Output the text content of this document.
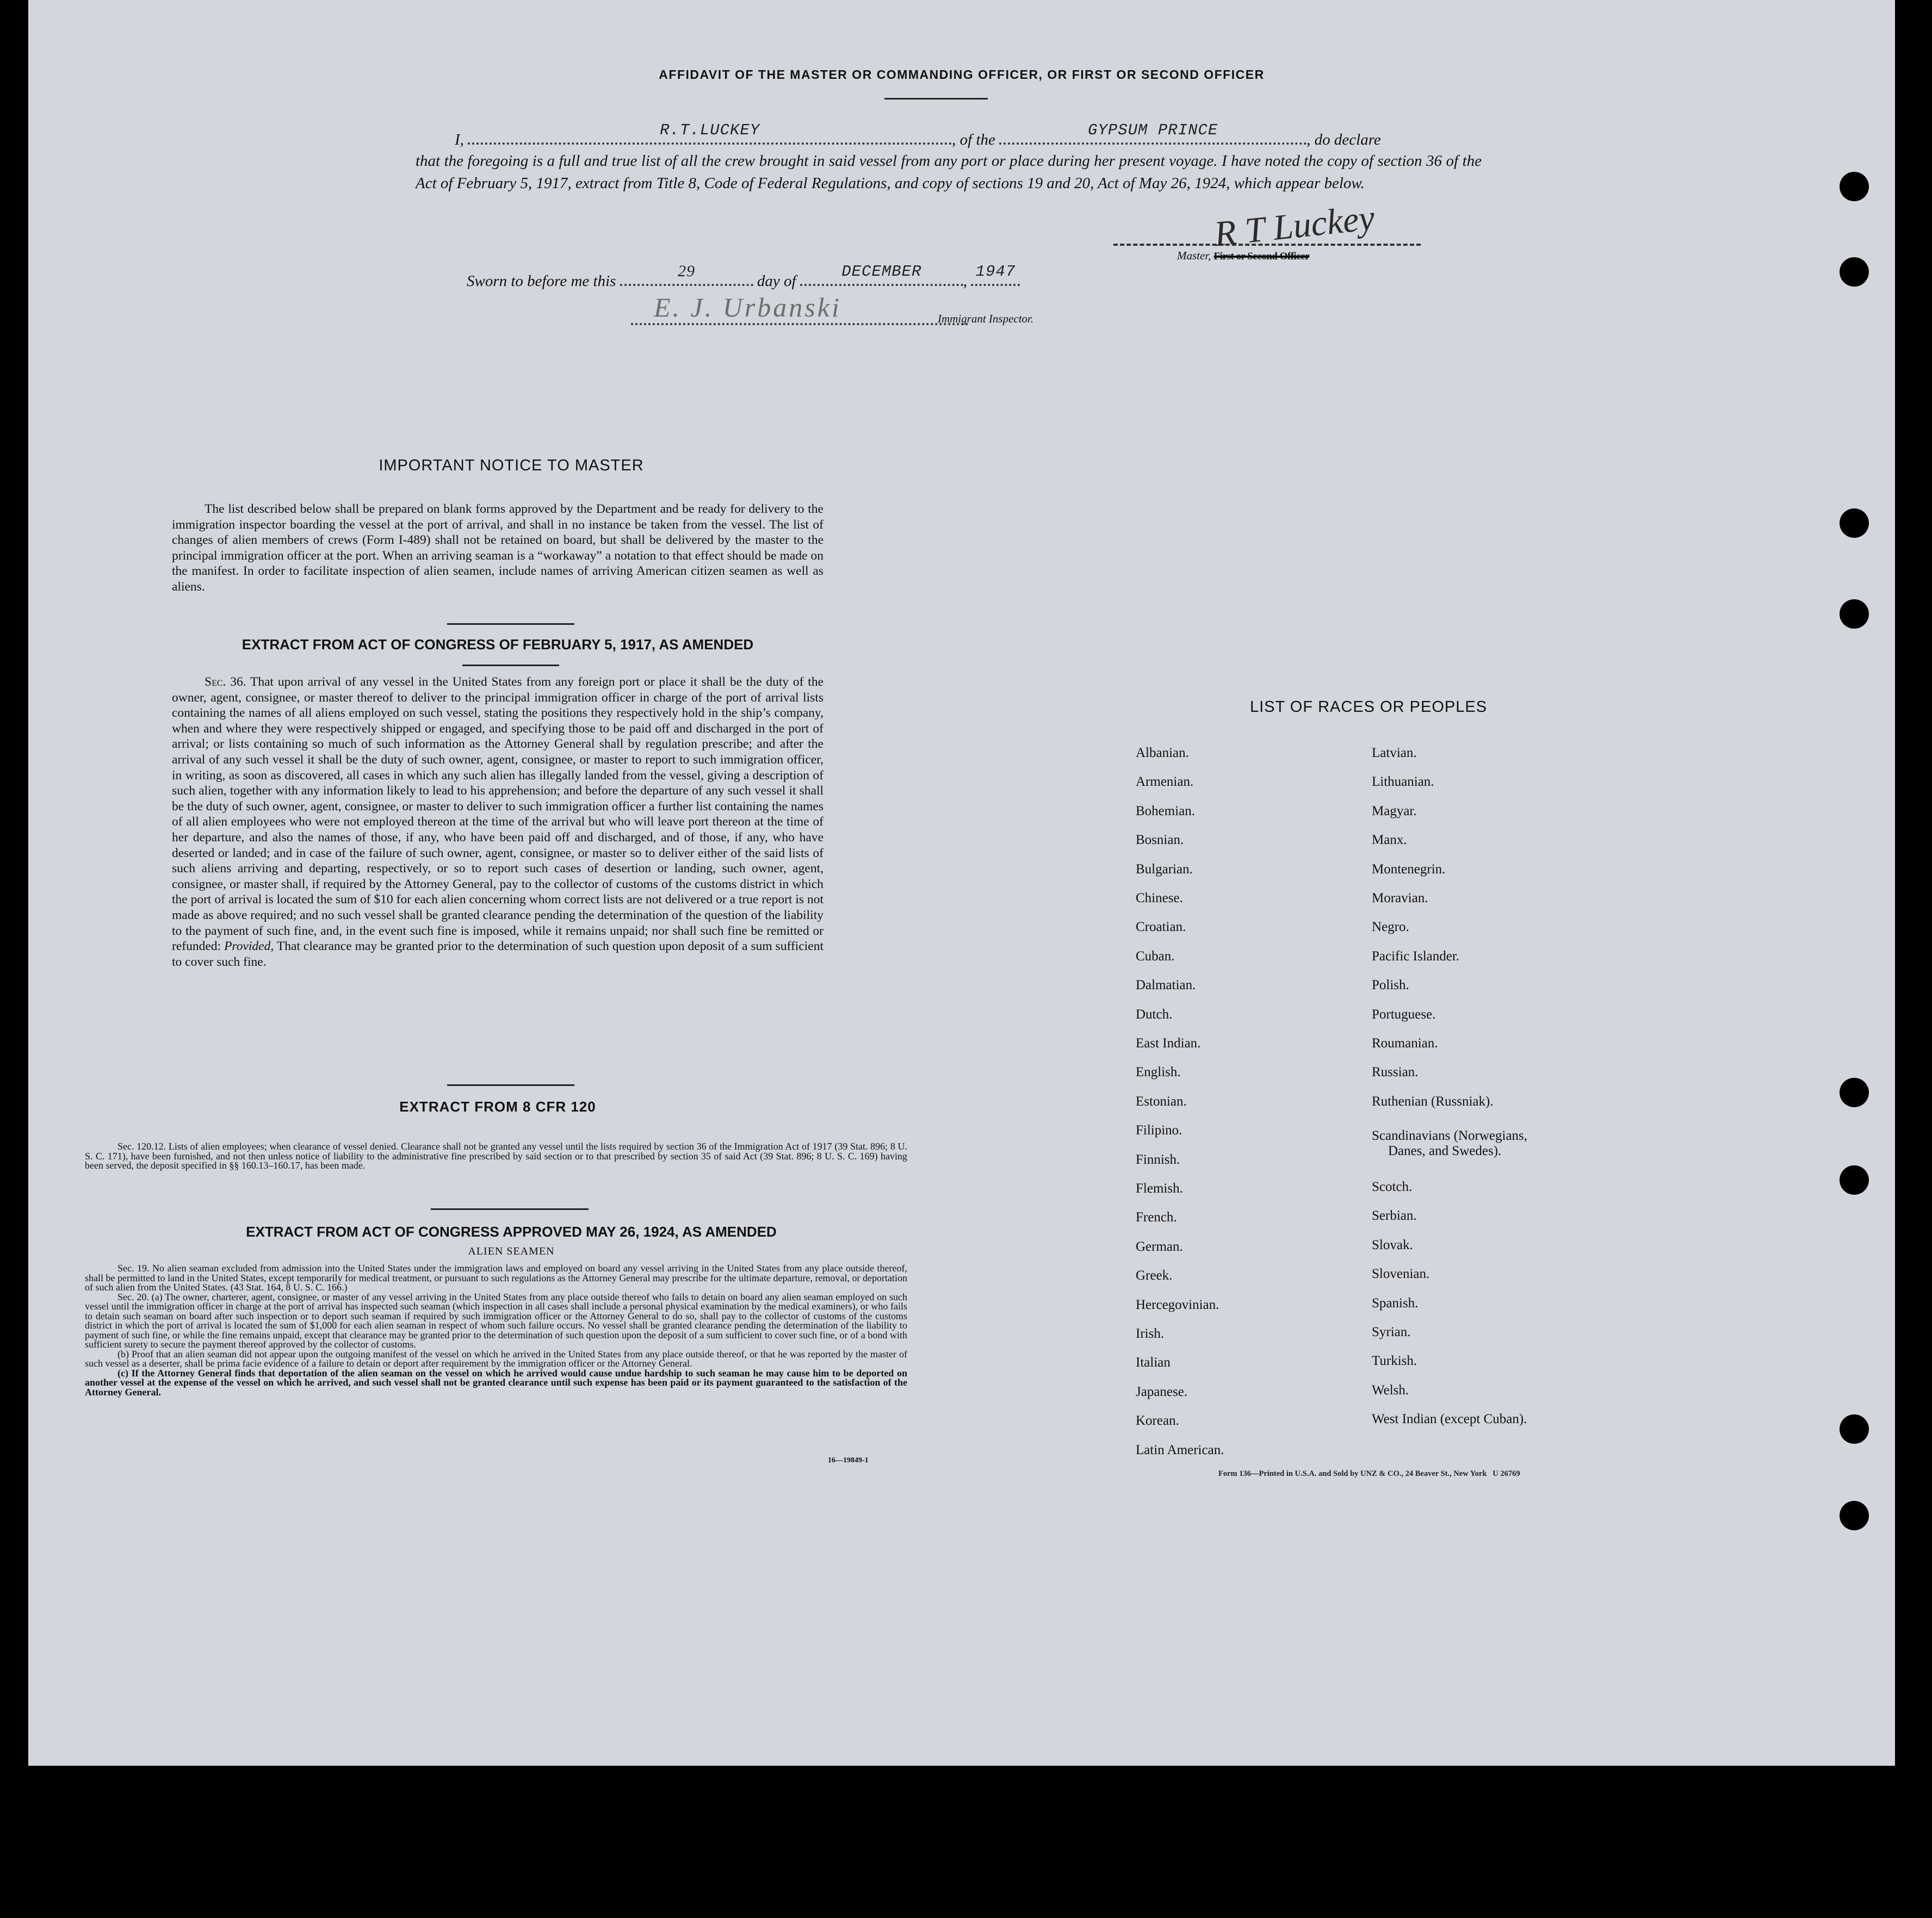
AFFIDAVIT OF THE MASTER OR COMMANDING OFFICER, OR FIRST OR SECOND OFFICER
I,
R.T.LUCKEY
, of the
GYPSUM PRINCE
, do declare
that the foregoing is a full and true list of all the crew brought in said vessel from any port or place during her present voyage. I have noted the copy of section 36 of the Act of February 5, 1917, extract from Title 8, Code of Federal Regulations, and copy of sections 19 and 20, Act of May 26, 1924, which appear below.
R T Luckey
Master, First or Second Officer
Sworn to before me this
29
day of
DECEMBER
,
1947
E. J. Urbanski	Immigrant Inspector.
IMPORTANT NOTICE TO MASTER
The list described below shall be prepared on blank forms approved by the Department and be ready for delivery to the immigration inspector boarding the vessel at the port of arrival, and shall in no instance be taken from the vessel. The list of changes of alien members of crews (Form I-489) shall not be retained on board, but shall be delivered by the master to the principal immigration officer at the port. When an arriving seaman is a “workaway” a notation to that effect should be made on the manifest. In order to facilitate inspection of alien seamen, include names of arriving American citizen seamen as well as aliens.
EXTRACT FROM ACT OF CONGRESS OF FEBRUARY 5, 1917, AS AMENDED
Sec. 36. That upon arrival of any vessel in the United States from any foreign port or place it shall be the duty of the owner, agent, consignee, or master thereof to deliver to the principal immigration officer in charge of the port of arrival lists containing the names of all aliens employed on such vessel, stating the positions they respectively hold in the ship’s company, when and where they were respectively shipped or engaged, and specifying those to be paid off and discharged in the port of arrival; or lists containing so much of such information as the Attorney General shall by regulation prescribe; and after the arrival of any such vessel it shall be the duty of such owner, agent, consignee, or master to report to such immigration officer, in writing, as soon as discovered, all cases in which any such alien has illegally landed from the vessel, giving a description of such alien, together with any information likely to lead to his apprehension; and before the departure of any such vessel it shall be the duty of such owner, agent, consignee, or master to deliver to such immigration officer a further list containing the names of all alien employees who were not employed thereon at the time of the arrival but who will leave port thereon at the time of her departure, and also the names of those, if any, who have been paid off and discharged, and of those, if any, who have deserted or landed; and in case of the failure of such owner, agent, consignee, or master so to deliver either of the said lists of such aliens arriving and departing, respectively, or so to report such cases of desertion or landing, such owner, agent, consignee, or master shall, if required by the Attorney General, pay to the collector of customs of the customs district in which the port of arrival is located the sum of $10 for each alien concerning whom correct lists are not delivered or a true report is not made as above required; and no such vessel shall be granted clearance pending the determination of the question of the liability to the payment of such fine, and, in the event such fine is imposed, while it remains unpaid; nor shall such fine be remitted or refunded: Provided, That clearance may be granted prior to the determination of such question upon deposit of a sum sufficient to cover such fine.
EXTRACT FROM 8 CFR 120
Sec. 120.12. Lists of alien employees; when clearance of vessel denied. Clearance shall not be granted any vessel until the lists required by section 36 of the Immigration Act of 1917 (39 Stat. 896; 8 U. S. C. 171), have been furnished, and not then unless notice of liability to the administrative fine prescribed by said section or to that prescribed by section 35 of said Act (39 Stat. 896; 8 U. S. C. 169) having been served, the deposit specified in §§ 160.13–160.17, has been made.
EXTRACT FROM ACT OF CONGRESS APPROVED MAY 26, 1924, AS AMENDED
ALIEN SEAMEN
Sec. 19. No alien seaman excluded from admission into the United States under the immigration laws and employed on board any vessel arriving in the United States from any place outside thereof, shall be permitted to land in the United States, except temporarily for medical treatment, or pursuant to such regulations as the Attorney General may prescribe for the ultimate departure, removal, or deportation of such alien from the United States. (43 Stat. 164, 8 U. S. C. 166.)
Sec. 20. (a) The owner, charterer, agent, consignee, or master of any vessel arriving in the United States from any place outside thereof who fails to detain on board any alien seaman employed on such vessel until the immigration officer in charge at the port of arrival has inspected such seaman (which inspection in all cases shall include a personal physical examination by the medical examiners), or who fails to detain such seaman on board after such inspection or to deport such seaman if required by such immigration officer or the Attorney General to do so, shall pay to the collector of customs of the customs district in which the port of arrival is located the sum of $1,000 for each alien seaman in respect of whom such failure occurs. No vessel shall be granted clearance pending the determination of the liability to payment of such fine, or while the fine remains unpaid, except that clearance may be granted prior to the determination of such question upon the deposit of a sum sufficient to cover such fine, or of a bond with sufficient surety to secure the payment thereof approved by the collector of customs.
(b) Proof that an alien seaman did not appear upon the outgoing manifest of the vessel on which he arrived in the United States from any place outside thereof, or that he was reported by the master of such vessel as a deserter, shall be prima facie evidence of a failure to detain or deport after requirement by the immigration officer or the Attorney General.
(c) If the Attorney General finds that deportation of the alien seaman on the vessel on which he arrived would cause undue hardship to such seaman he may cause him to be deported on another vessel at the expense of the vessel on which he arrived, and such vessel shall not be granted clearance until such expense has been paid or its payment guaranteed to the satisfaction of the Attorney General.
16—19849-1
LIST OF RACES OR PEOPLES
Form 136—Printed in U.S.A. and Sold by UNZ & CO., 24 Beaver St., New York   U 26769
Albanian.
Armenian.
Bohemian.
Bosnian.
Bulgarian.
Chinese.
Croatian.
Cuban.
Dalmatian.
Dutch.
East Indian.
English.
Estonian.
Filipino.
Finnish.
Flemish.
French.
German.
Greek.
Hercegovinian.
Irish.
Italian
Japanese.
Korean.
Latin American.
Latvian.
Lithuanian.
Magyar.
Manx.
Montenegrin.
Moravian.
Negro.
Pacific Islander.
Polish.
Portuguese.
Roumanian.
Russian.
Ruthenian (Russniak).
Scandinavians (Norwegians,
Danes, and Swedes).
Scotch.
Serbian.
Slovak.
Slovenian.
Spanish.
Syrian.
Turkish.
Welsh.
West Indian (except Cuban).
